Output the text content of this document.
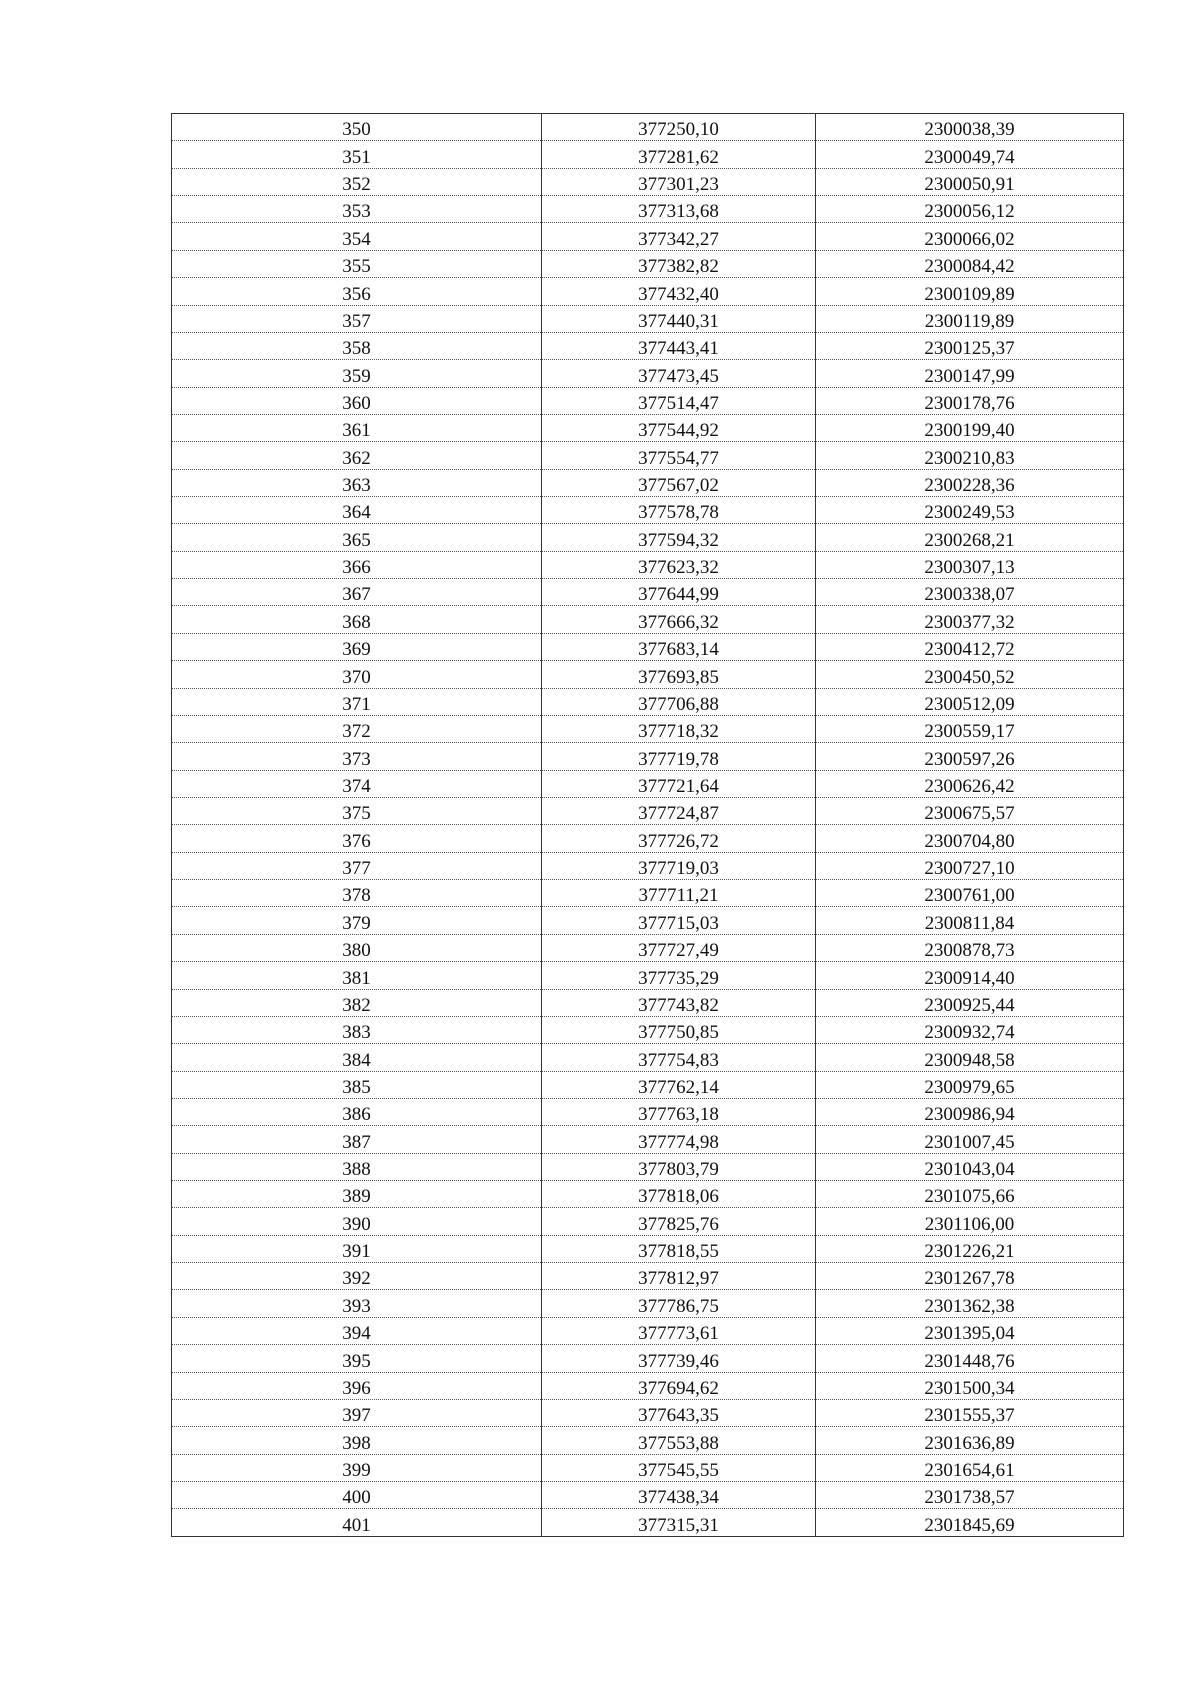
350	377250,10	2300038,39
351	377281,62	2300049,74
352	377301,23	2300050,91
353	377313,68	2300056,12
354	377342,27	2300066,02
355	377382,82	2300084,42
356	377432,40	2300109,89
357	377440,31	2300119,89
358	377443,41	2300125,37
359	377473,45	2300147,99
360	377514,47	2300178,76
361	377544,92	2300199,40
362	377554,77	2300210,83
363	377567,02	2300228,36
364	377578,78	2300249,53
365	377594,32	2300268,21
366	377623,32	2300307,13
367	377644,99	2300338,07
368	377666,32	2300377,32
369	377683,14	2300412,72
370	377693,85	2300450,52
371	377706,88	2300512,09
372	377718,32	2300559,17
373	377719,78	2300597,26
374	377721,64	2300626,42
375	377724,87	2300675,57
376	377726,72	2300704,80
377	377719,03	2300727,10
378	377711,21	2300761,00
379	377715,03	2300811,84
380	377727,49	2300878,73
381	377735,29	2300914,40
382	377743,82	2300925,44
383	377750,85	2300932,74
384	377754,83	2300948,58
385	377762,14	2300979,65
386	377763,18	2300986,94
387	377774,98	2301007,45
388	377803,79	2301043,04
389	377818,06	2301075,66
390	377825,76	2301106,00
391	377818,55	2301226,21
392	377812,97	2301267,78
393	377786,75	2301362,38
394	377773,61	2301395,04
395	377739,46	2301448,76
396	377694,62	2301500,34
397	377643,35	2301555,37
398	377553,88	2301636,89
399	377545,55	2301654,61
400	377438,34	2301738,57
401	377315,31	2301845,69
